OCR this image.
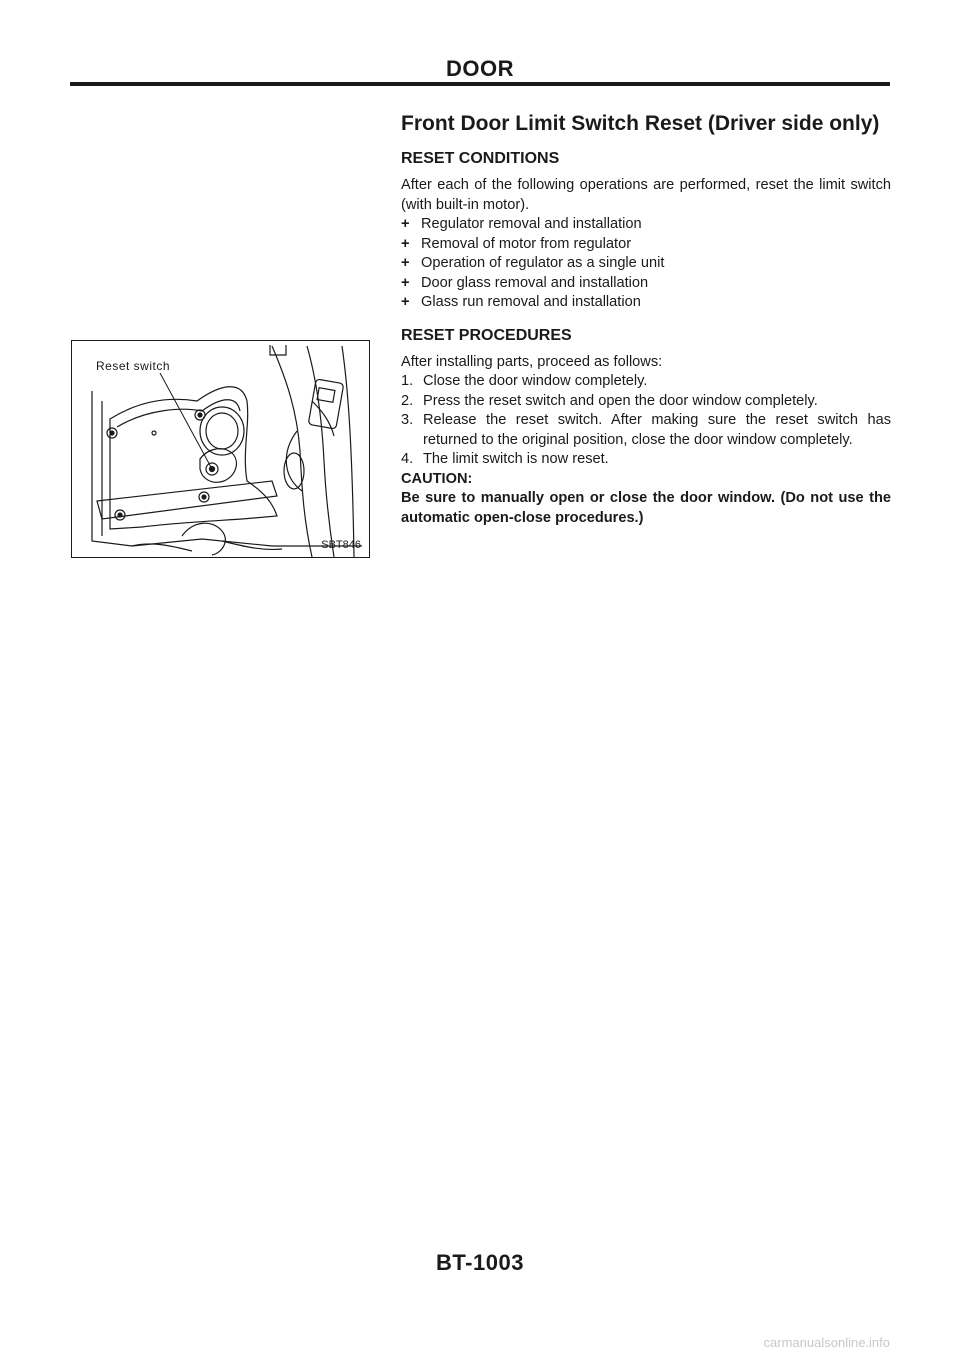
DOOR
Reset switch
SBT846
Front Door Limit Switch Reset (Driver side only)
RESET CONDITIONS

After each of the following operations are performed, reset the limit switch (with built-in motor).

+ Regulator removal and installation
+ Removal of motor from regulator
+ Operation of regulator as a single unit
+ Door glass removal and installation
+ Glass run removal and installation
RESET PROCEDURES

After installing parts, proceed as follows:

1. Close the door window completely.
2. Press the reset switch and open the door window completely.
3. Release the reset switch. After making sure the reset switch has returned to the original position, close the door window completely.
4. The limit switch is now reset.

CAUTION:

Be sure to manually open or close the door window. (Do not use the automatic open-close procedures.)

BT-1003
carmanualsonline.info
